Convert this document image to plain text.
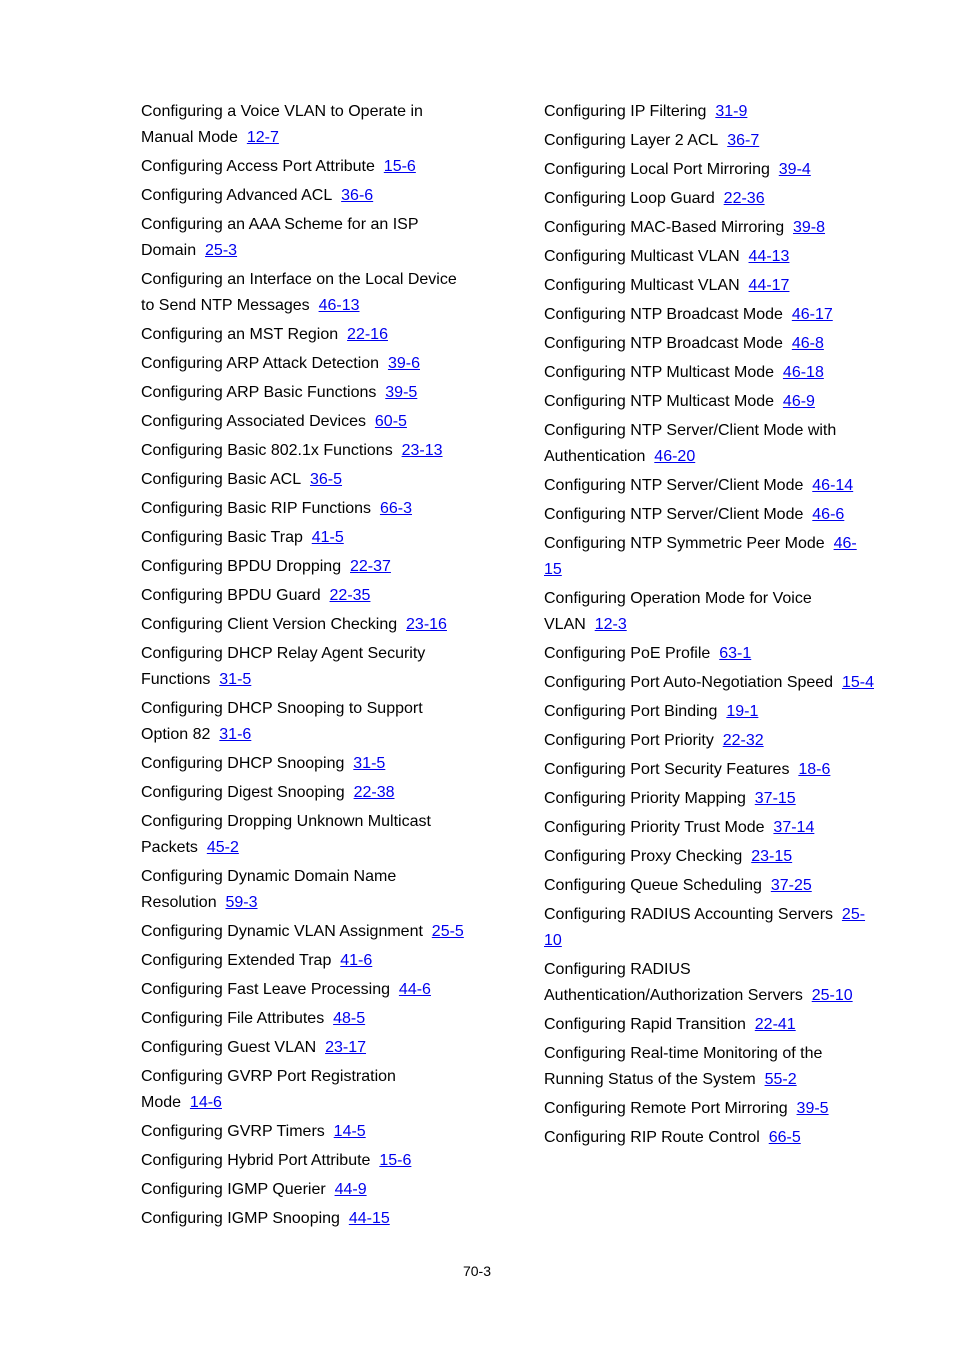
Configuring a Voice VLAN to Operate in Manual Mode 12-7
Configuring Access Port Attribute 15-6
Configuring Advanced ACL 36-6
Configuring an AAA Scheme for an ISP Domain 25-3
Configuring an Interface on the Local Device to Send NTP Messages 46-13
Configuring an MST Region 22-16
Configuring ARP Attack Detection 39-6
Configuring ARP Basic Functions 39-5
Configuring Associated Devices 60-5
Configuring Basic 802.1x Functions 23-13
Configuring Basic ACL 36-5
Configuring Basic RIP Functions 66-3
Configuring Basic Trap 41-5
Configuring BPDU Dropping 22-37
Configuring BPDU Guard 22-35
Configuring Client Version Checking 23-16
Configuring DHCP Relay Agent Security Functions 31-5
Configuring DHCP Snooping to Support Option 82 31-6
Configuring DHCP Snooping 31-5
Configuring Digest Snooping 22-38
Configuring Dropping Unknown Multicast Packets 45-2
Configuring Dynamic Domain Name Resolution 59-3
Configuring Dynamic VLAN Assignment 25-5
Configuring Extended Trap 41-6
Configuring Fast Leave Processing 44-6
Configuring File Attributes 48-5
Configuring Guest VLAN 23-17
Configuring GVRP Port Registration Mode 14-6
Configuring GVRP Timers 14-5
Configuring Hybrid Port Attribute 15-6
Configuring IGMP Querier 44-9
Configuring IGMP Snooping 44-15
Configuring IP Filtering 31-9
Configuring Layer 2 ACL 36-7
Configuring Local Port Mirroring 39-4
Configuring Loop Guard 22-36
Configuring MAC-Based Mirroring 39-8
Configuring Multicast VLAN 44-13
Configuring Multicast VLAN 44-17
Configuring NTP Broadcast Mode 46-17
Configuring NTP Broadcast Mode 46-8
Configuring NTP Multicast Mode 46-18
Configuring NTP Multicast Mode 46-9
Configuring NTP Server/Client Mode with Authentication 46-20
Configuring NTP Server/Client Mode 46-14
Configuring NTP Server/Client Mode 46-6
Configuring NTP Symmetric Peer Mode 46-15
Configuring Operation Mode for Voice VLAN 12-3
Configuring PoE Profile 63-1
Configuring Port Auto-Negotiation Speed 15-4
Configuring Port Binding 19-1
Configuring Port Priority 22-32
Configuring Port Security Features 18-6
Configuring Priority Mapping 37-15
Configuring Priority Trust Mode 37-14
Configuring Proxy Checking 23-15
Configuring Queue Scheduling 37-25
Configuring RADIUS Accounting Servers 25-10
Configuring RADIUS Authentication/Authorization Servers 25-10
Configuring Rapid Transition 22-41
Configuring Real-time Monitoring of the Running Status of the System 55-2
Configuring Remote Port Mirroring 39-5
Configuring RIP Route Control 66-5
70-3
